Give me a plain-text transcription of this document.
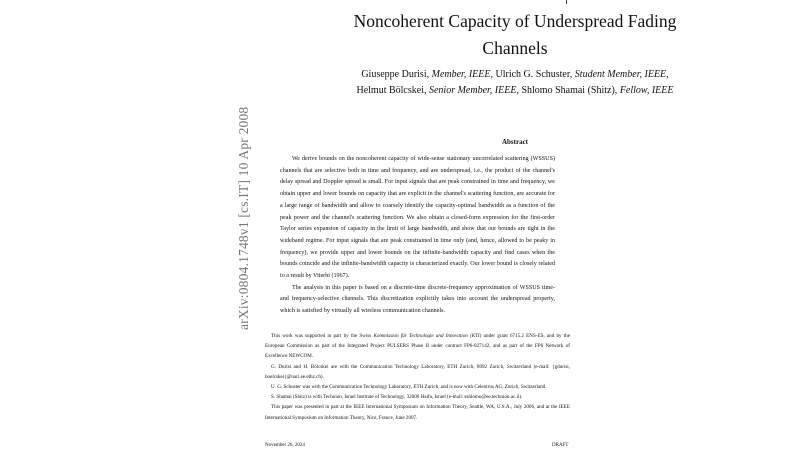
arXiv:0804.1748v1 [cs.IT] 10 Apr 2008
Noncoherent Capacity of Underspread Fading
Channels
Giuseppe Durisi, Member, IEEE, Ulrich G. Schuster, Student Member, IEEE,
Helmut Bölcskei, Senior Member, IEEE, Shlomo Shamai (Shitz), Fellow, IEEE
Abstract

We derive bounds on the noncoherent capacity of wide-sense stationary uncorrelated scattering (WSSUS) channels that are selective both in time and frequency, and are underspread, i.e., the product of the channel's delay spread and Doppler spread is small. For input signals that are peak constrained in time and frequency, we obtain upper and lower bounds on capacity that are explicit in the channel's scattering function, are accurate for a large range of bandwidth and allow to coarsely identify the capacity-optimal bandwidth as a function of the peak power and the channel's scattering function. We also obtain a closed-form expression for the first-order Taylor series expansion of capacity in the limit of large bandwidth, and show that our bounds are tight in the wideband regime. For input signals that are peak constrained in time only (and, hence, allowed to be peaky in frequency), we provide upper and lower bounds on the infinite-bandwidth capacity and find cases when the bounds coincide and the infinite-bandwidth capacity is characterized exactly. Our lower bound is closely related to a result by Viterbi (1967).

The analysis in this paper is based on a discrete-time discrete-frequency approximation of WSSUS time- and frequency-selective channels. This discretization explicitly takes into account the underspread property, which is satisfied by virtually all wireless communication channels.

This work was supported in part by the Swiss Kommission für Technologie und Innovation (KTI) under grant 6715.2 ENS-ES, and by the European Commission as part of the Integrated Project PULSERS Phase II under contract FP6-027142, and as part of the FP6 Network of Excellence NEWCOM.

G. Durisi and H. Bölcskei are with the Communication Technology Laboratory, ETH Zurich, 8092 Zurich, Switzerland (e-mail: {gdurisi, boelcskei}@nari.ee.ethz.ch).

U. G. Schuster was with the Communication Technology Laboratory, ETH Zurich, and is now with Celeotrus AG, Zurich, Switzerland.

S. Shamai (Shitz) is with Technion, Israel Institute of Technology, 32000 Haifa, Israel (e-mail: sshlomo@ee.technion.ac.il).

This paper was presented in part at the IEEE International Symposium on Information Theory, Seattle, WA, U.S.A., July 2006, and at the IEEE International Symposium on Information Theory, Nice, France, June 2007.

November 26, 2024	DRAFT
